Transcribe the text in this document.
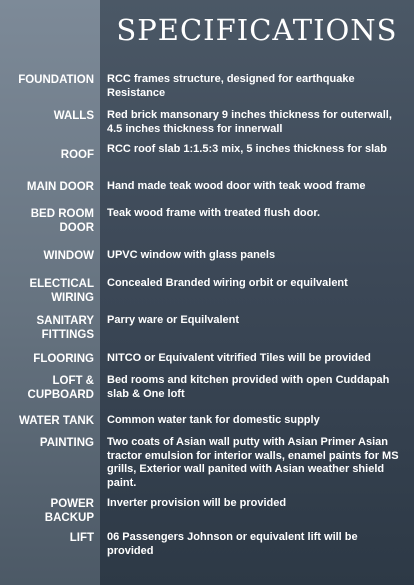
SPECIFICATIONS
FOUNDATION RCC frames structure, designed for earthquake Resistance
WALLS Red brick mansonary 9 inches thickness for outerwall, 4.5 inches thickness for innerwall
ROOF RCC roof slab 1:1.5:3 mix, 5 inches thickness for slab
MAIN DOOR Hand made teak wood door with teak wood frame
BED ROOM DOOR
Teak wood frame with treated flush door.
WINDOW UPVC window with glass panels
ELECTICAL WIRING
Concealed Branded wiring orbit or equilvalent
SANITARY FITTINGS
Parry ware or Equilvalent
FLOORING NITCO or Equivalent vitrified Tiles will be provided
LOFT & CUPBOARD
Bed rooms and kitchen provided with open Cuddapah slab & One loft
WATER TANK Common water tank for domestic supply
PAINTING Two coats of Asian wall putty with Asian Primer Asian tractor emulsion for interior walls, enamel paints for MS grills, Exterior wall panited with Asian weather shield paint.
POWER BACKUP
Inverter provision will be provided
LIFT 06 Passengers Johnson or equivalent lift will be provided
